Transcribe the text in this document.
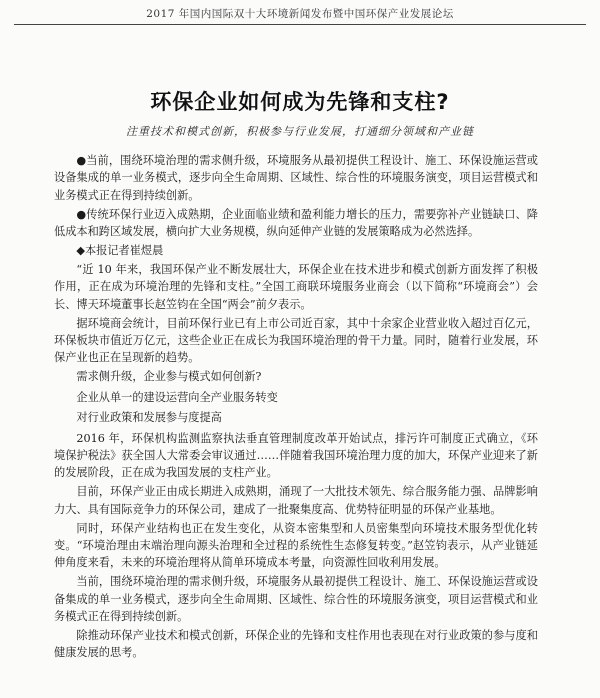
2017 年国内国际双十大环境新闻发布暨中国环保产业发展论坛
环保企业如何成为先锋和支柱?
注重技术和模式创新，积极参与行业发展，打通细分领域和产业链

●当前，围绕环境治理的需求侧升级，环境服务从最初提供工程设计、施工、环保设施运营或设备集成的单一业务模式，逐步向全生命周期、区域性、综合性的环境服务演变，项目运营模式和业务模式正在得到持续创新。

●传统环保行业迈入成熟期，企业面临业绩和盈利能力增长的压力，需要弥补产业链缺口、降低成本和跨区域发展，横向扩大业务规模，纵向延伸产业链的发展策略成为必然选择。

◆本报记者崔煜晨

“近 10 年来，我国环保产业不断发展壮大，环保企业在技术进步和模式创新方面发挥了积极作用，正在成为环境治理的先锋和支柱。”全国工商联环境服务业商会（以下简称“环境商会”）会长、博天环境董事长赵笠钧在全国“两会”前夕表示。

据环境商会统计，目前环保行业已有上市公司近百家，其中十余家企业营业收入超过百亿元，环保板块市值近万亿元，这些企业正在成长为我国环境治理的骨干力量。同时，随着行业发展，环保产业也正在呈现新的趋势。

需求侧升级，企业参与模式如何创新?

企业从单一的建设运营向全产业服务转变

对行业政策和发展参与度提高

2016 年，环保机构监测监察执法垂直管理制度改革开始试点，排污许可制度正式确立，《环境保护税法》获全国人大常委会审议通过……伴随着我国环境治理力度的加大，环保产业迎来了新的发展阶段，正在成为我国发展的支柱产业。

目前，环保产业正由成长期进入成熟期，涌现了一大批技术领先、综合服务能力强、品牌影响力大、具有国际竞争力的环保公司，建成了一批聚集度高、优势特征明显的环保产业基地。

同时，环保产业结构也正在发生变化，从资本密集型和人员密集型向环境技术服务型优化转变。“环境治理由末端治理向源头治理和全过程的系统性生态修复转变。”赵笠钧表示，从产业链延伸角度来看，未来的环境治理将从简单环境成本考量，向资源性回收利用发展。

当前，围绕环境治理的需求侧升级，环境服务从最初提供工程设计、施工、环保设施运营或设备集成的单一业务模式，逐步向全生命周期、区域性、综合性的环境服务演变，项目运营模式和业务模式正在得到持续创新。

除推动环保产业技术和模式创新，环保企业的先锋和支柱作用也表现在对行业政策的参与度和健康发展的思考。
